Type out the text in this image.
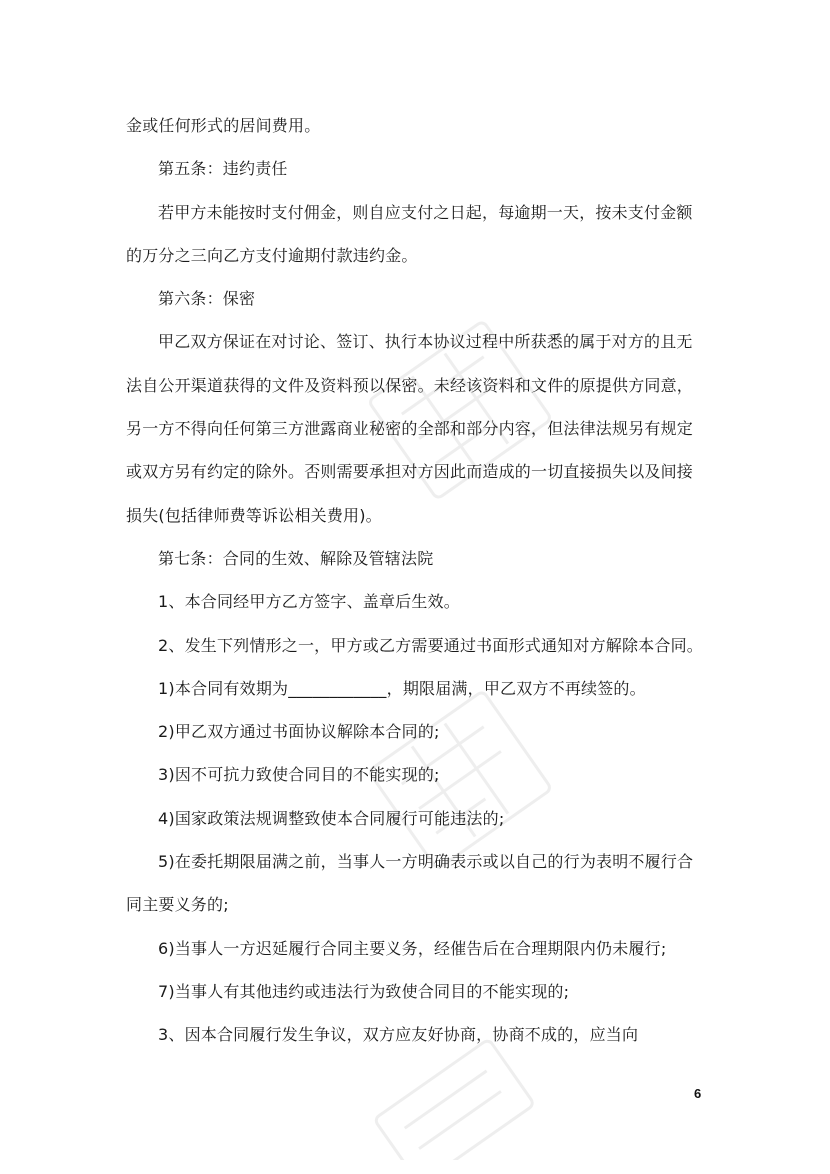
金或任何形式的居间费用。
第五条：违约责任
若甲方未能按时支付佣金，则自应支付之日起，每逾期一天，按未支付金额
的万分之三向乙方支付逾期付款违约金。
第六条：保密
甲乙双方保证在对讨论、签订、执行本协议过程中所获悉的属于对方的且无
法自公开渠道获得的文件及资料预以保密。未经该资料和文件的原提供方同意，
另一方不得向任何第三方泄露商业秘密的全部和部分内容，但法律法规另有规定
或双方另有约定的除外。否则需要承担对方因此而造成的一切直接损失以及间接
损失(包括律师费等诉讼相关费用)。
第七条：合同的生效、解除及管辖法院
1、本合同经甲方乙方签字、盖章后生效。
2、发生下列情形之一，甲方或乙方需要通过书面形式通知对方解除本合同。
1)本合同有效期为____________，期限届满，甲乙双方不再续签的。
2)甲乙双方通过书面协议解除本合同的;
3)因不可抗力致使合同目的不能实现的;
4)国家政策法规调整致使本合同履行可能违法的;
5)在委托期限届满之前，当事人一方明确表示或以自己的行为表明不履行合
同主要义务的;
6)当事人一方迟延履行合同主要义务，经催告后在合理期限内仍未履行;
7)当事人有其他违约或违法行为致使合同目的不能实现的;
3、因本合同履行发生争议，双方应友好协商，协商不成的，应当向
6
